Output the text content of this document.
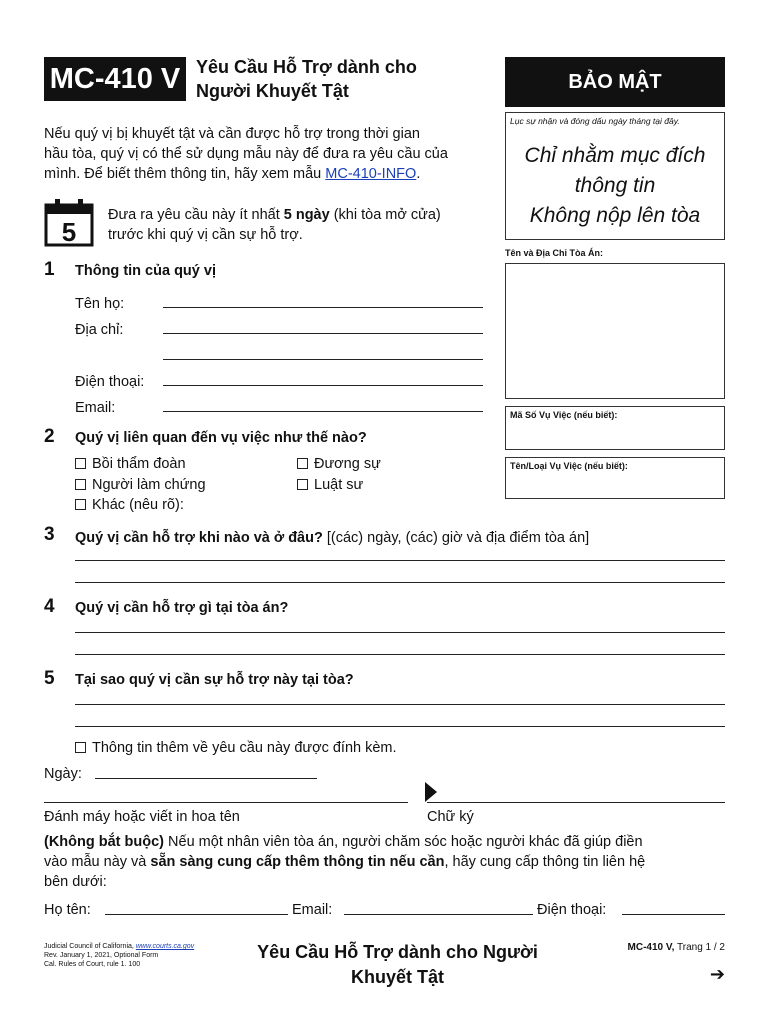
MC-410 V Yêu Cầu Hỗ Trợ dành cho
Người Khuyết Tật	BẢO MẬT
Lục sự nhận và đóng dấu ngày tháng tại đây.
Chỉ nhằm mục đích
thông tin
Không nộp lên tòa
Tên và Địa Chỉ Tòa Án:
Mã Số Vụ Việc (nếu biết):
Tên/Loại Vụ Việc (nếu biết):
Nếu quý vị bị khuyết tật và cần được hỗ trợ trong thời gian
hầu tòa, quý vị có thể sử dụng mẫu này để đưa ra yêu cầu của
mình. Để biết thêm thông tin, hãy xem mẫu MC-410-INFO.
5
Đưa ra yêu cầu này ít nhất 5 ngày (khi tòa mở cửa)
trước khi quý vị cần sự hỗ trợ.
1 Thông tin của quý vị
Tên họ:
Địa chỉ:
Điện thoại:
Email:
2 Quý vị liên quan đến vụ việc như thế nào?
Bồi thẩm đoàn
Người làm chứng
Khác (nêu rõ):
Đương sự
Luật sư
3 Quý vị cần hỗ trợ khi nào và ở đâu? [(các) ngày, (các) giờ và địa điểm tòa án]
4 Quý vị cần hỗ trợ gì tại tòa án?
5 Tại sao quý vị cần sự hỗ trợ này tại tòa?
Thông tin thêm về yêu cầu này được đính kèm.
Ngày:
Đánh máy hoặc viết in hoa tên	Chữ ký
(Không bắt buộc) Nếu một nhân viên tòa án, người chăm sóc hoặc người khác đã giúp điền
vào mẫu này và sẵn sàng cung cấp thêm thông tin nếu cần, hãy cung cấp thông tin liên hệ
bên dưới:
Họ tên:	Email:	Điện thoại:
Judicial Council of California, www.courts.ca.gov
Rev. January 1, 2021, Optional Form
Cal. Rules of Court, rule 1. 100
Yêu Cầu Hỗ Trợ dành cho Người
Khuyết Tật
MC-410 V, Trang 1 / 2
➔
